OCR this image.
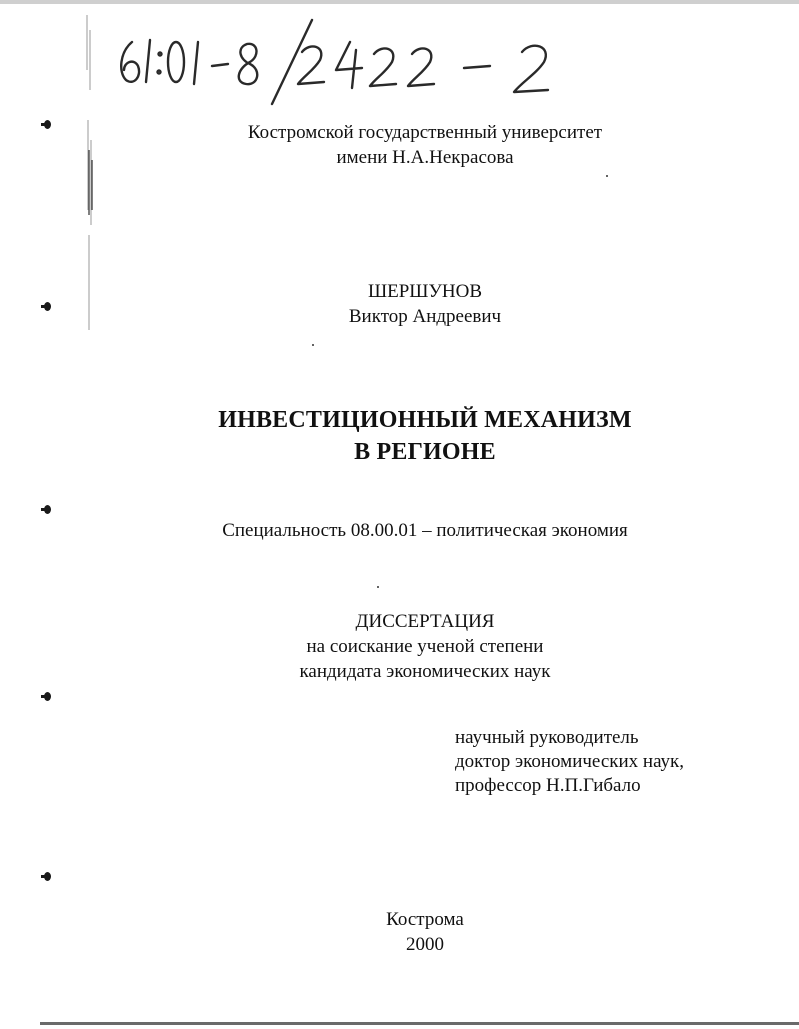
Костромской государственный университет
имени Н.А.Некрасова
ШЕРШУНОВ
Виктор Андреевич
ИНВЕСТИЦИОННЫЙ МЕХАНИЗМ
В РЕГИОНЕ
Специальность 08.00.01 – политическая экономия
ДИССЕРТАЦИЯ
на соискание ученой степени
кандидата экономических наук
научный руководитель
доктор экономических наук,
профессор Н.П.Гибало
Кострома
2000
